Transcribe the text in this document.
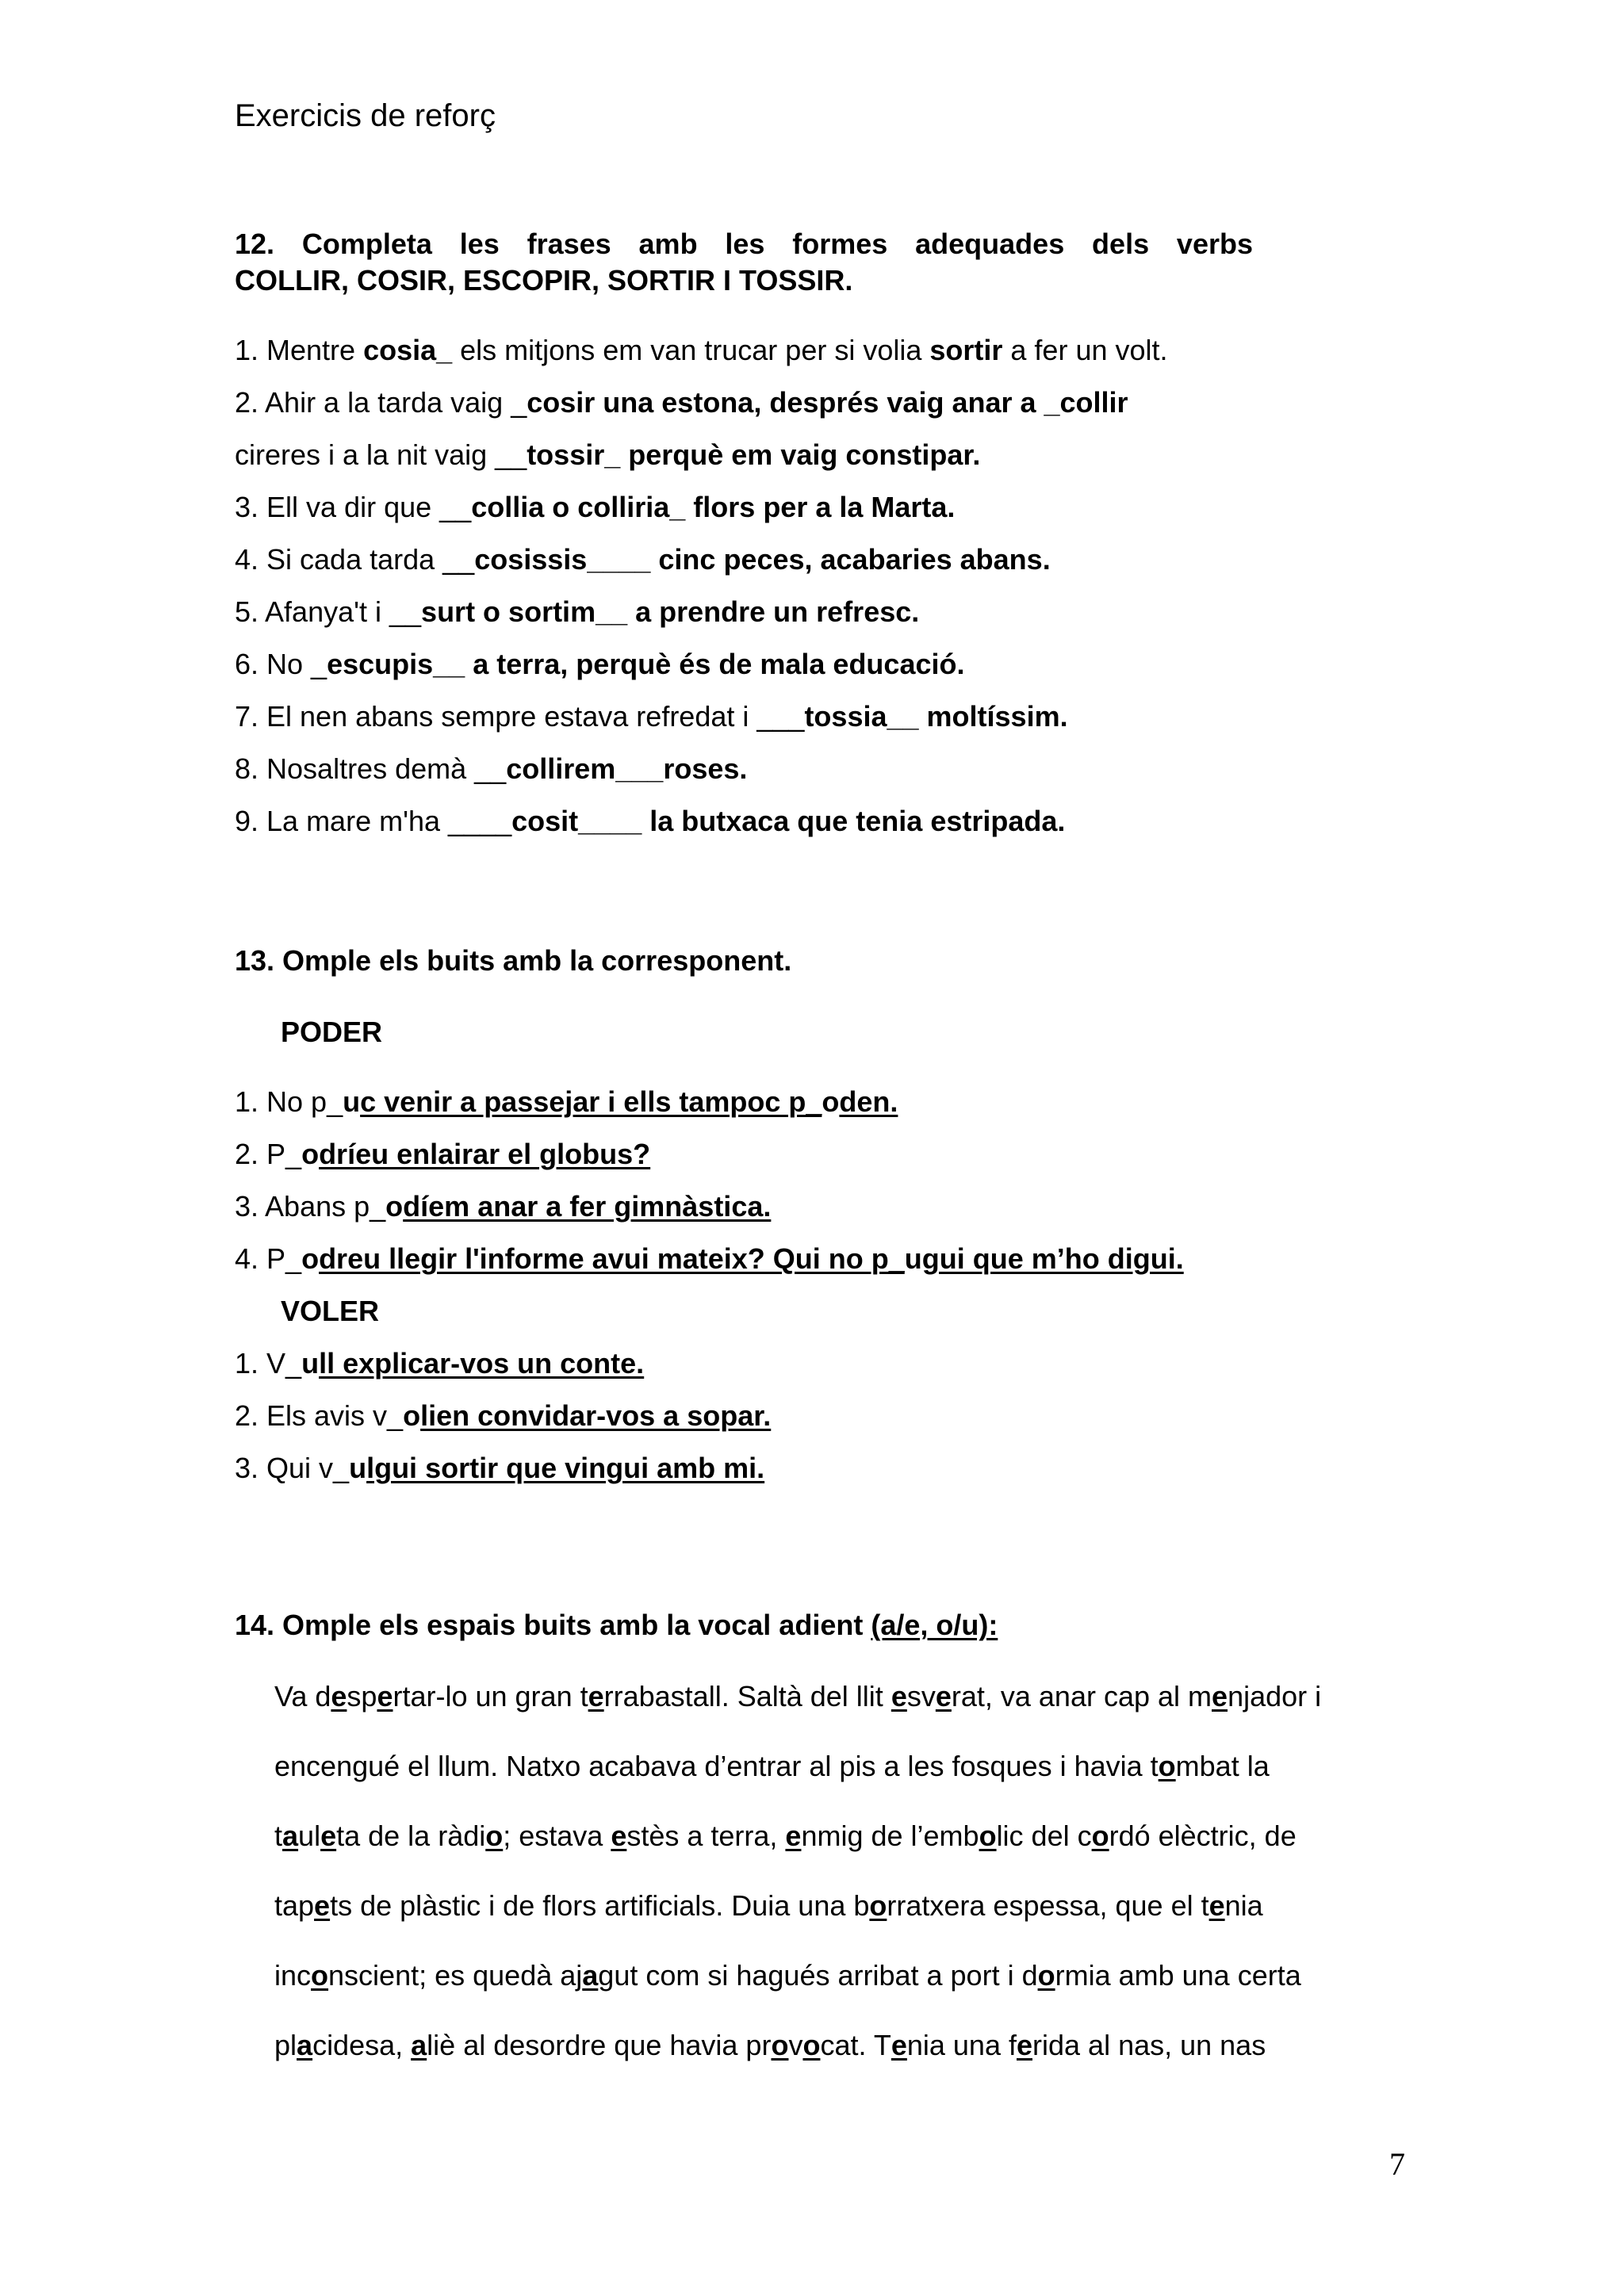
Exercicis de reforç
12. Completa les frases amb les formes adequades dels verbs
COLLIR, COSIR, ESCOPIR, SORTIR I TOSSIR.
1. Mentre cosia_ els mitjons em van trucar per si volia sortir a fer un volt.
2. Ahir a la tarda vaig _cosir una estona, després vaig anar a _collir
cireres i a la nit vaig __tossir_ perquè em vaig constipar.
3. Ell va dir que __collia o colliria_ flors per a la Marta.
4. Si cada tarda __cosissis____ cinc peces, acabaries abans.
5. Afanya't i __surt o sortim__ a prendre un refresc.
6. No _escupis__ a terra, perquè és de mala educació.
7. El nen abans sempre estava refredat i ___tossia__ moltíssim.
8. Nosaltres demà __collirem___roses.
9. La mare m'ha ____cosit____ la butxaca que tenia estripada.
13. Omple els buits amb la corresponent.
PODER
1. No p_uc venir a passejar i ells tampoc p_oden.
2. P_odríeu enlairar el globus?
3. Abans p_odíem anar a fer gimnàstica.
4. P_odreu llegir l'informe avui mateix? Qui no p_ugui que m’ho digui.
VOLER
1. V_ull explicar-vos un conte.
2. Els avis v_olien convidar-vos a sopar.
3. Qui v_ulgui sortir que vingui amb mi.
14. Omple els espais buits amb la vocal adient (a/e, o/u):
Va despertar-lo un gran terrabastall. Saltà del llit esverat, va anar cap al menjador i
encengué el llum. Natxo acabava d’entrar al pis a les fosques i havia tombat la
tauleta de la ràdio; estava estès a terra, enmig de l’embolic del cordó elèctric, de
tapets de plàstic i de flors artificials. Duia una borratxera espessa, que el tenia
inconscient; es quedà ajagut com si hagués arribat a port i dormia amb una certa
placidesa, aliè al desordre que havia provocat. Tenia una ferida al nas, un nas
7
